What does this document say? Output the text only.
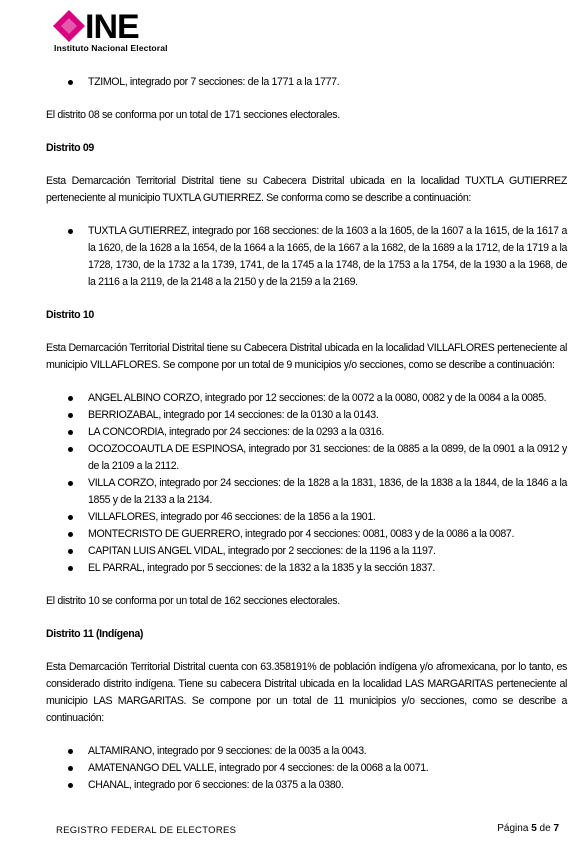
INE
Instituto Nacional Electoral
TZIMOL, integrado por 7 secciones: de la 1771 a la 1777.

El distrito 08 se conforma por un total de 171 secciones electorales.

Distrito 09

Esta Demarcación Territorial Distrital tiene su Cabecera Distrital ubicada en la localidad TUXTLA GUTIERREZ perteneciente al municipio TUXTLA GUTIERREZ. Se conforma como se describe a continuación:

TUXTLA GUTIERREZ, integrado por 168 secciones: de la 1603 a la 1605, de la 1607 a la 1615, de la 1617 a la 1620, de la 1628 a la 1654, de la 1664 a la 1665, de la 1667 a la 1682, de la 1689 a la 1712, de la 1719 a la 1728, 1730, de la 1732 a la 1739, 1741, de la 1745 a la 1748, de la 1753 a la 1754, de la 1930 a la 1968, de la 2116 a la 2119, de la 2148 a la 2150 y de la 2159 a la 2169.

Distrito 10

Esta Demarcación Territorial Distrital tiene su Cabecera Distrital ubicada en la localidad VILLAFLORES perteneciente al municipio VILLAFLORES. Se compone por un total de 9 municipios y/o secciones, como se describe a continuación:

ANGEL ALBINO CORZO, integrado por 12 secciones: de la 0072 a la 0080, 0082 y de la 0084 a la 0085.
BERRIOZABAL, integrado por 14 secciones: de la 0130 a la 0143.
LA CONCORDIA, integrado por 24 secciones: de la 0293 a la 0316.
OCOZOCOAUTLA DE ESPINOSA, integrado por 31 secciones: de la 0885 a la 0899, de la 0901 a la 0912 y de la 2109 a la 2112.
VILLA CORZO, integrado por 24 secciones: de la 1828 a la 1831, 1836, de la 1838 a la 1844, de la 1846 a la 1855 y de la 2133 a la 2134.
VILLAFLORES, integrado por 46 secciones: de la 1856 a la 1901.
MONTECRISTO DE GUERRERO, integrado por 4 secciones: 0081, 0083 y de la 0086 a la 0087.
CAPITAN LUIS ANGEL VIDAL, integrado por 2 secciones: de la 1196 a la 1197.
EL PARRAL, integrado por 5 secciones: de la 1832 a la 1835 y la sección 1837.

El distrito 10 se conforma por un total de 162 secciones electorales.

Distrito 11 (Indígena)

Esta Demarcación Territorial Distrital cuenta con 63.358191% de población indígena y/o afromexicana, por lo tanto, es considerado distrito indígena. Tiene su cabecera Distrital ubicada en la localidad LAS MARGARITAS perteneciente al municipio LAS MARGARITAS. Se compone por un total de 11 municipios y/o secciones, como se describe a continuación:

ALTAMIRANO, integrado por 9 secciones: de la 0035 a la 0043.
AMATENANGO DEL VALLE, integrado por 4 secciones: de la 0068 a la 0071.
CHANAL, integrado por 6 secciones: de la 0375 a la 0380.
REGISTRO FEDERAL DE ELECTORES	Página 5 de 7
